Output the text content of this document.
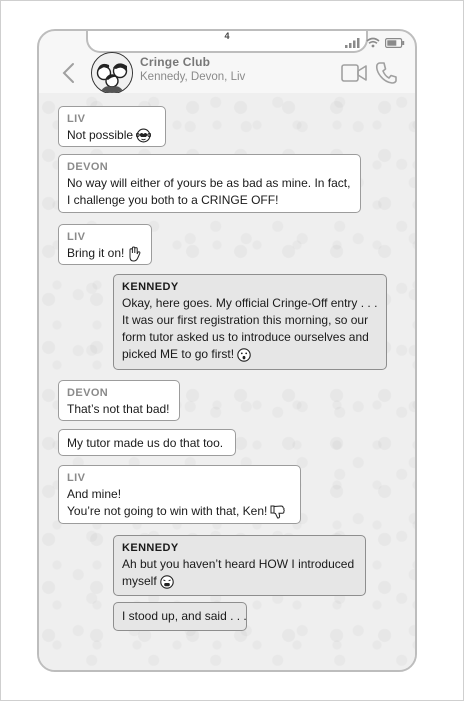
4
Cringe Club
Kennedy, Devon, Liv
LIV
Not possible
DEVON
No way will either of yours be as bad as mine. In fact,
I challenge you both to a CRINGE OFF!
LIV
Bring it on!
KENNEDY
Okay, here goes. My official Cringe-Off entry . . .
It was our first registration this morning, so our
form tutor asked us to introduce ourselves and
picked ME to go first!
DEVON
That’s not that bad!
My tutor made us do that too.
LIV
And mine!
You’re not going to win with that, Ken!
KENNEDY
Ah but you haven’t heard HOW I introduced
myself
I stood up, and said . . .
